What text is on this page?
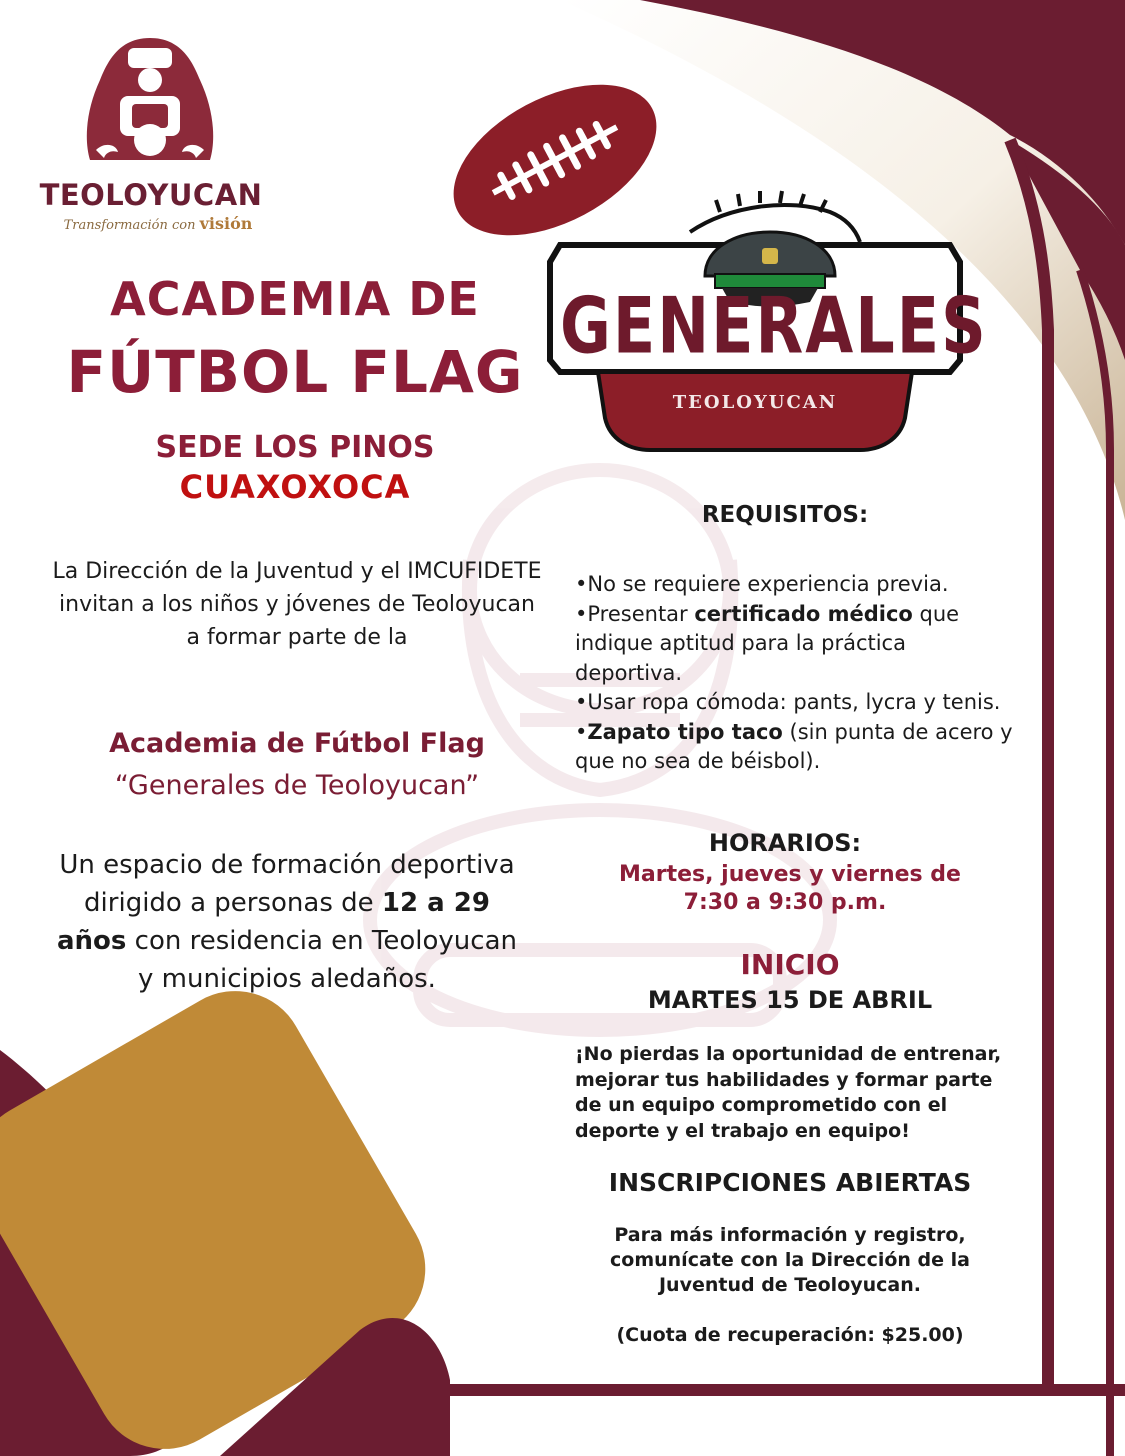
TEOLOYUCAN
Transformación con visión
GENERALES
TEOLOYUCAN
ACADEMIA DE
FÚTBOL FLAG
SEDE LOS PINOS
CUAXOXOCA
La Dirección de la Juventud y el IMCUFIDETE invitan a los niños y jóvenes de Teoloyucan a formar parte de la
Academia de Fútbol Flag
“Generales de Teoloyucan”
Un espacio de formación deportiva dirigido a personas de 12 a 29 años con residencia en Teoloyucan y municipios aledaños.
REQUISITOS:
•No se requiere experiencia previa.
•Presentar certificado médico que indique aptitud para la práctica deportiva.
•Usar ropa cómoda: pants, lycra y tenis.
•Zapato tipo taco (sin punta de acero y que no sea de béisbol).
HORARIOS:
Martes, jueves y viernes de
7:30 a 9:30 p.m.
INICIO
MARTES 15 DE ABRIL
¡No pierdas la oportunidad de entrenar, mejorar tus habilidades y formar parte de un equipo comprometido con el deporte y el trabajo en equipo!
INSCRIPCIONES ABIERTAS
Para más información y registro, comunícate con la Dirección de la Juventud de Teoloyucan.
(Cuota de recuperación: $25.00)
